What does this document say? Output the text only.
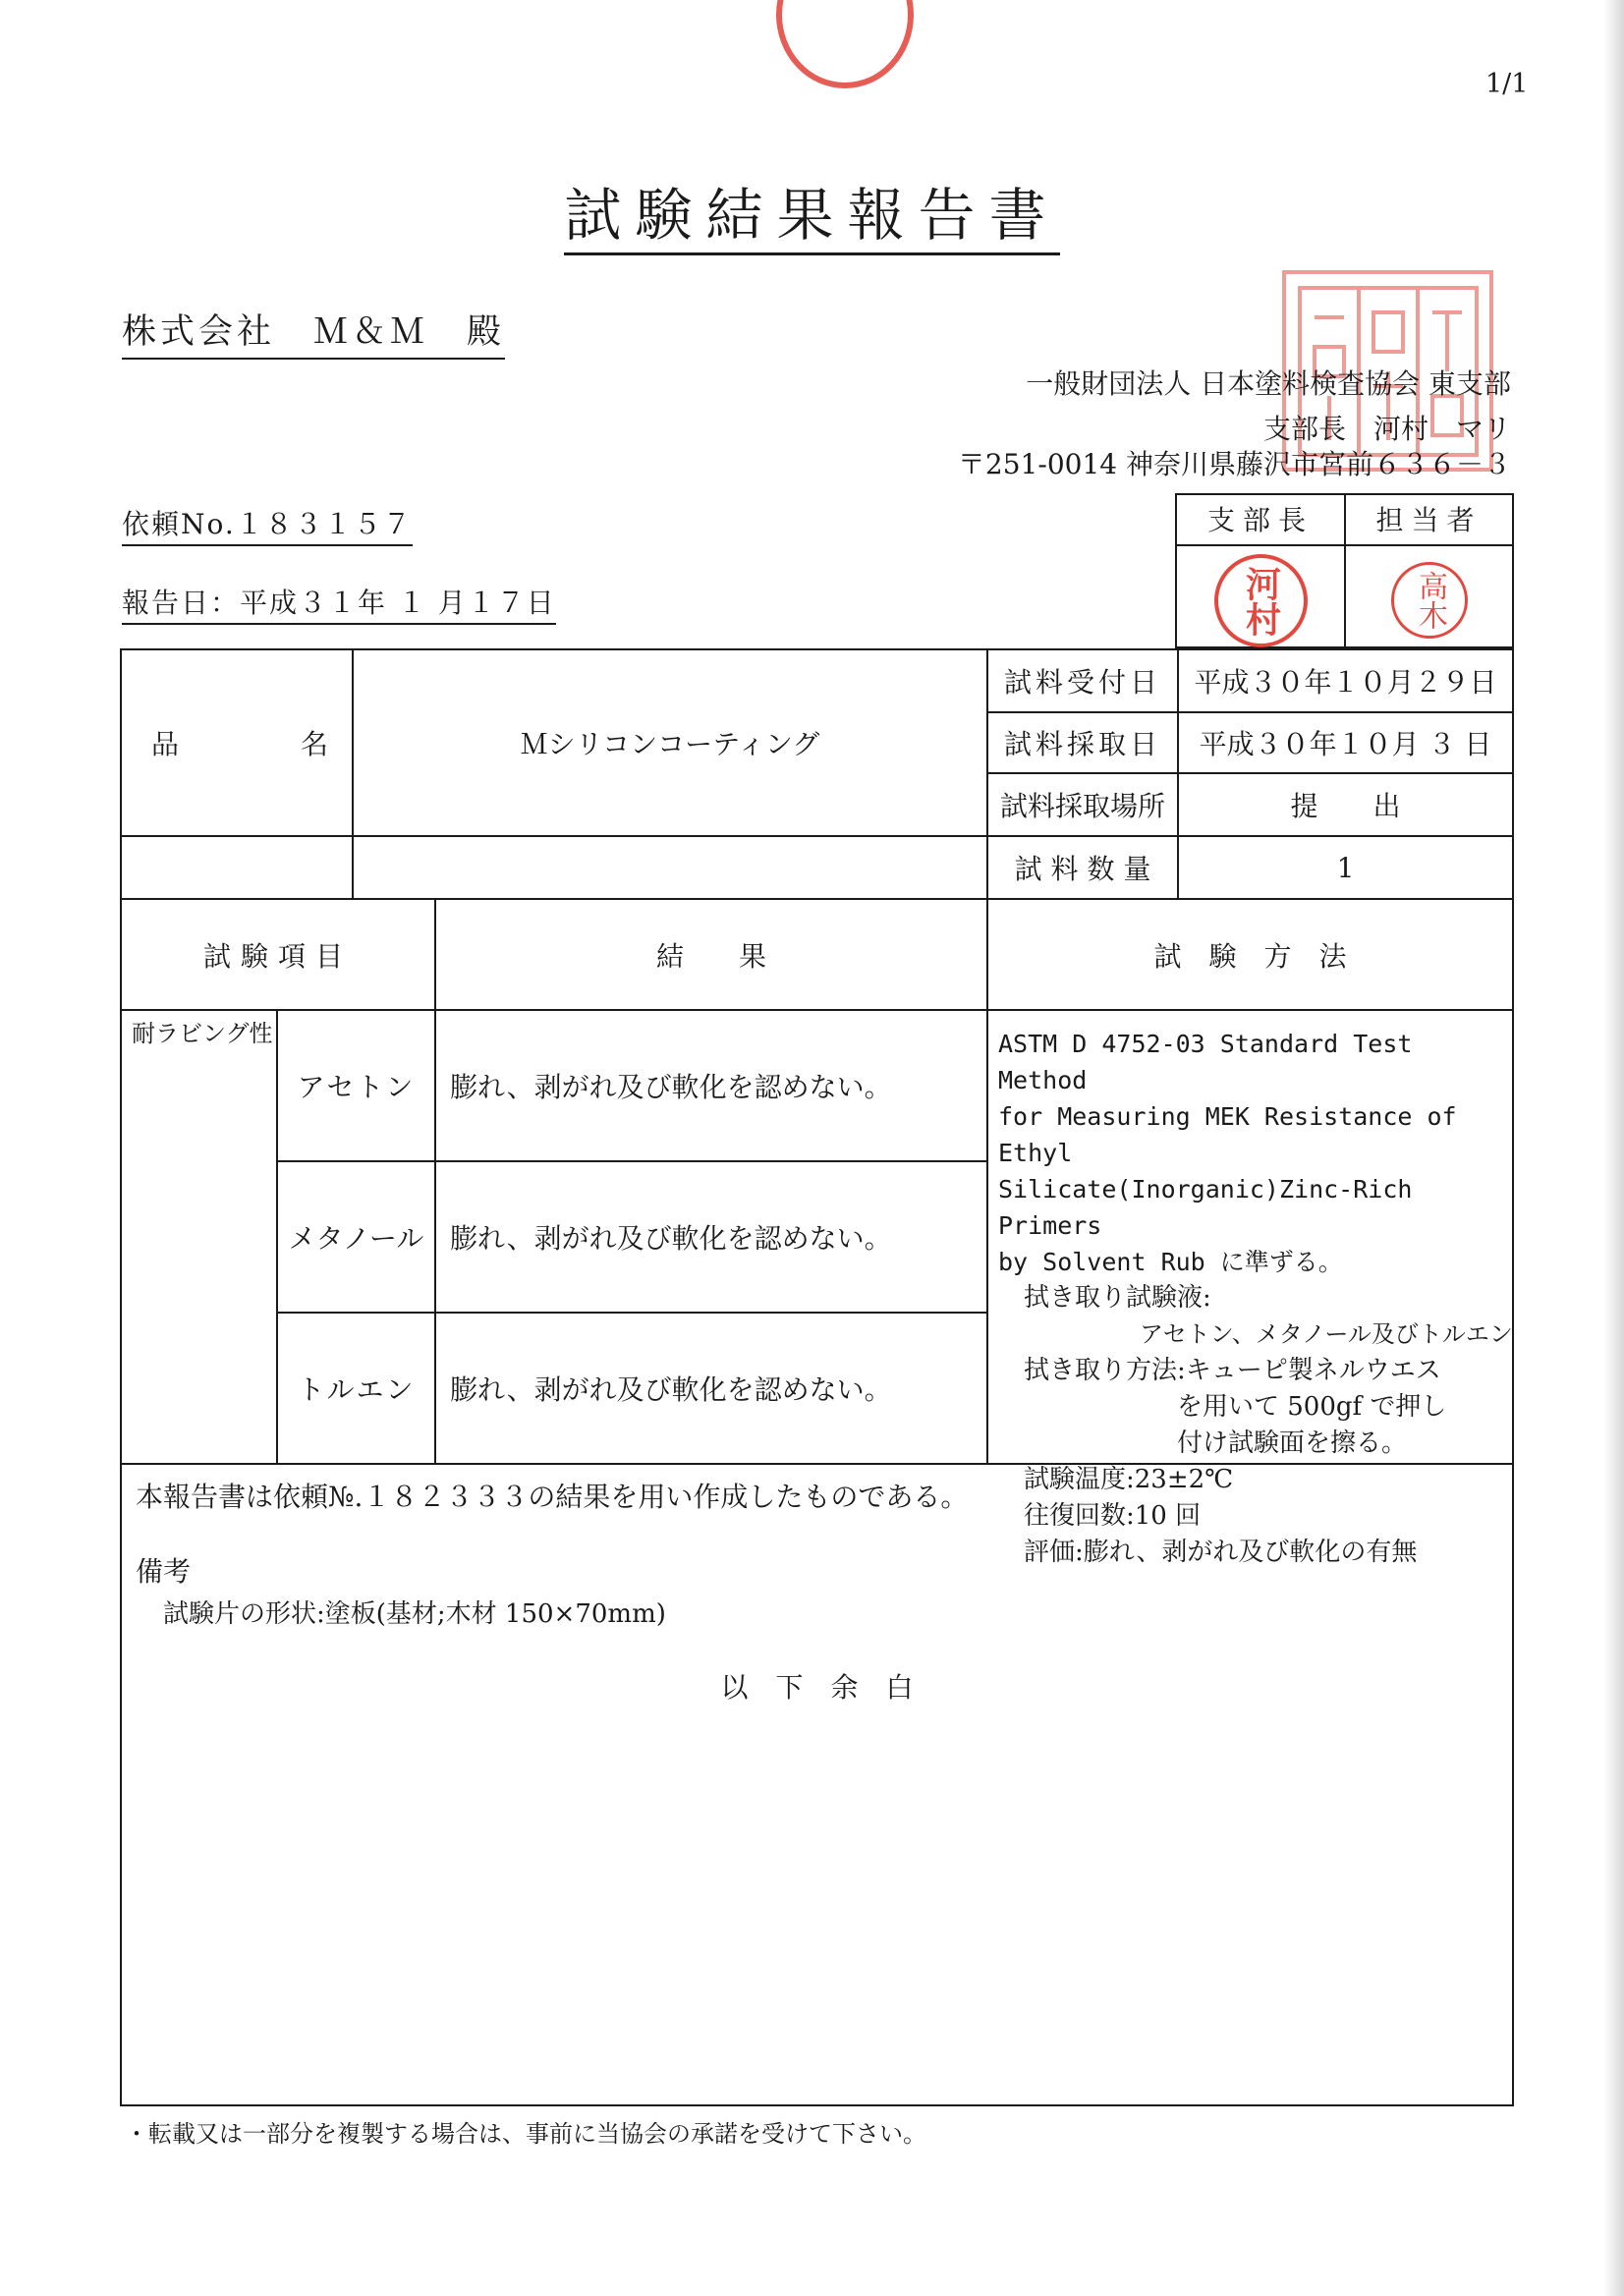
1/1
試験結果報告書
株式会社　Ｍ＆Ｍ　殿
一般財団法人 日本塗料検査協会 東支部
支部長　河村　マリ
〒251-0014 神奈川県藤沢市宮前６３６－３
依頼No.１８３１５７
報告日：平成３１年 １ 月１７日
支部長	担当者
河村	高木
品　　　名	Ｍシリコンコーティング
試料受付日	平成３０年１０月２９日
試料採取日	平成３０年１０月 ３ 日
試料採取場所	提　　出
試 料 数 量	1
試験項目	結　　果	試　験　方　法
耐ラビング性
アセトン	膨れ、剥がれ及び軟化を認めない。
メタノール 膨れ、剥がれ及び軟化を認めない。
トルエン	膨れ、剥がれ及び軟化を認めない。
ASTM D 4752-03 Standard Test Method
for Measuring MEK Resistance of Ethyl
Silicate(Inorganic)Zinc-Rich Primers
by Solvent Rub に準ずる。
　拭き取り試験液:
　　　　　　アセトン、メタノール及びトルエン
　拭き取り方法:キューピ製ネルウエス
　　　　　　　を用いて 500gf で押し
　　　　　　　付け試験面を擦る。
　試験温度:23±2℃
　往復回数:10 回
　評価:膨れ、剥がれ及び軟化の有無
本報告書は依頼№.１８２３３３の結果を用い作成したものである。
備考
試験片の形状:塗板(基材;木材 150×70mm)
以　下　余　白
・転載又は一部分を複製する場合は、事前に当協会の承諾を受けて下さい。
